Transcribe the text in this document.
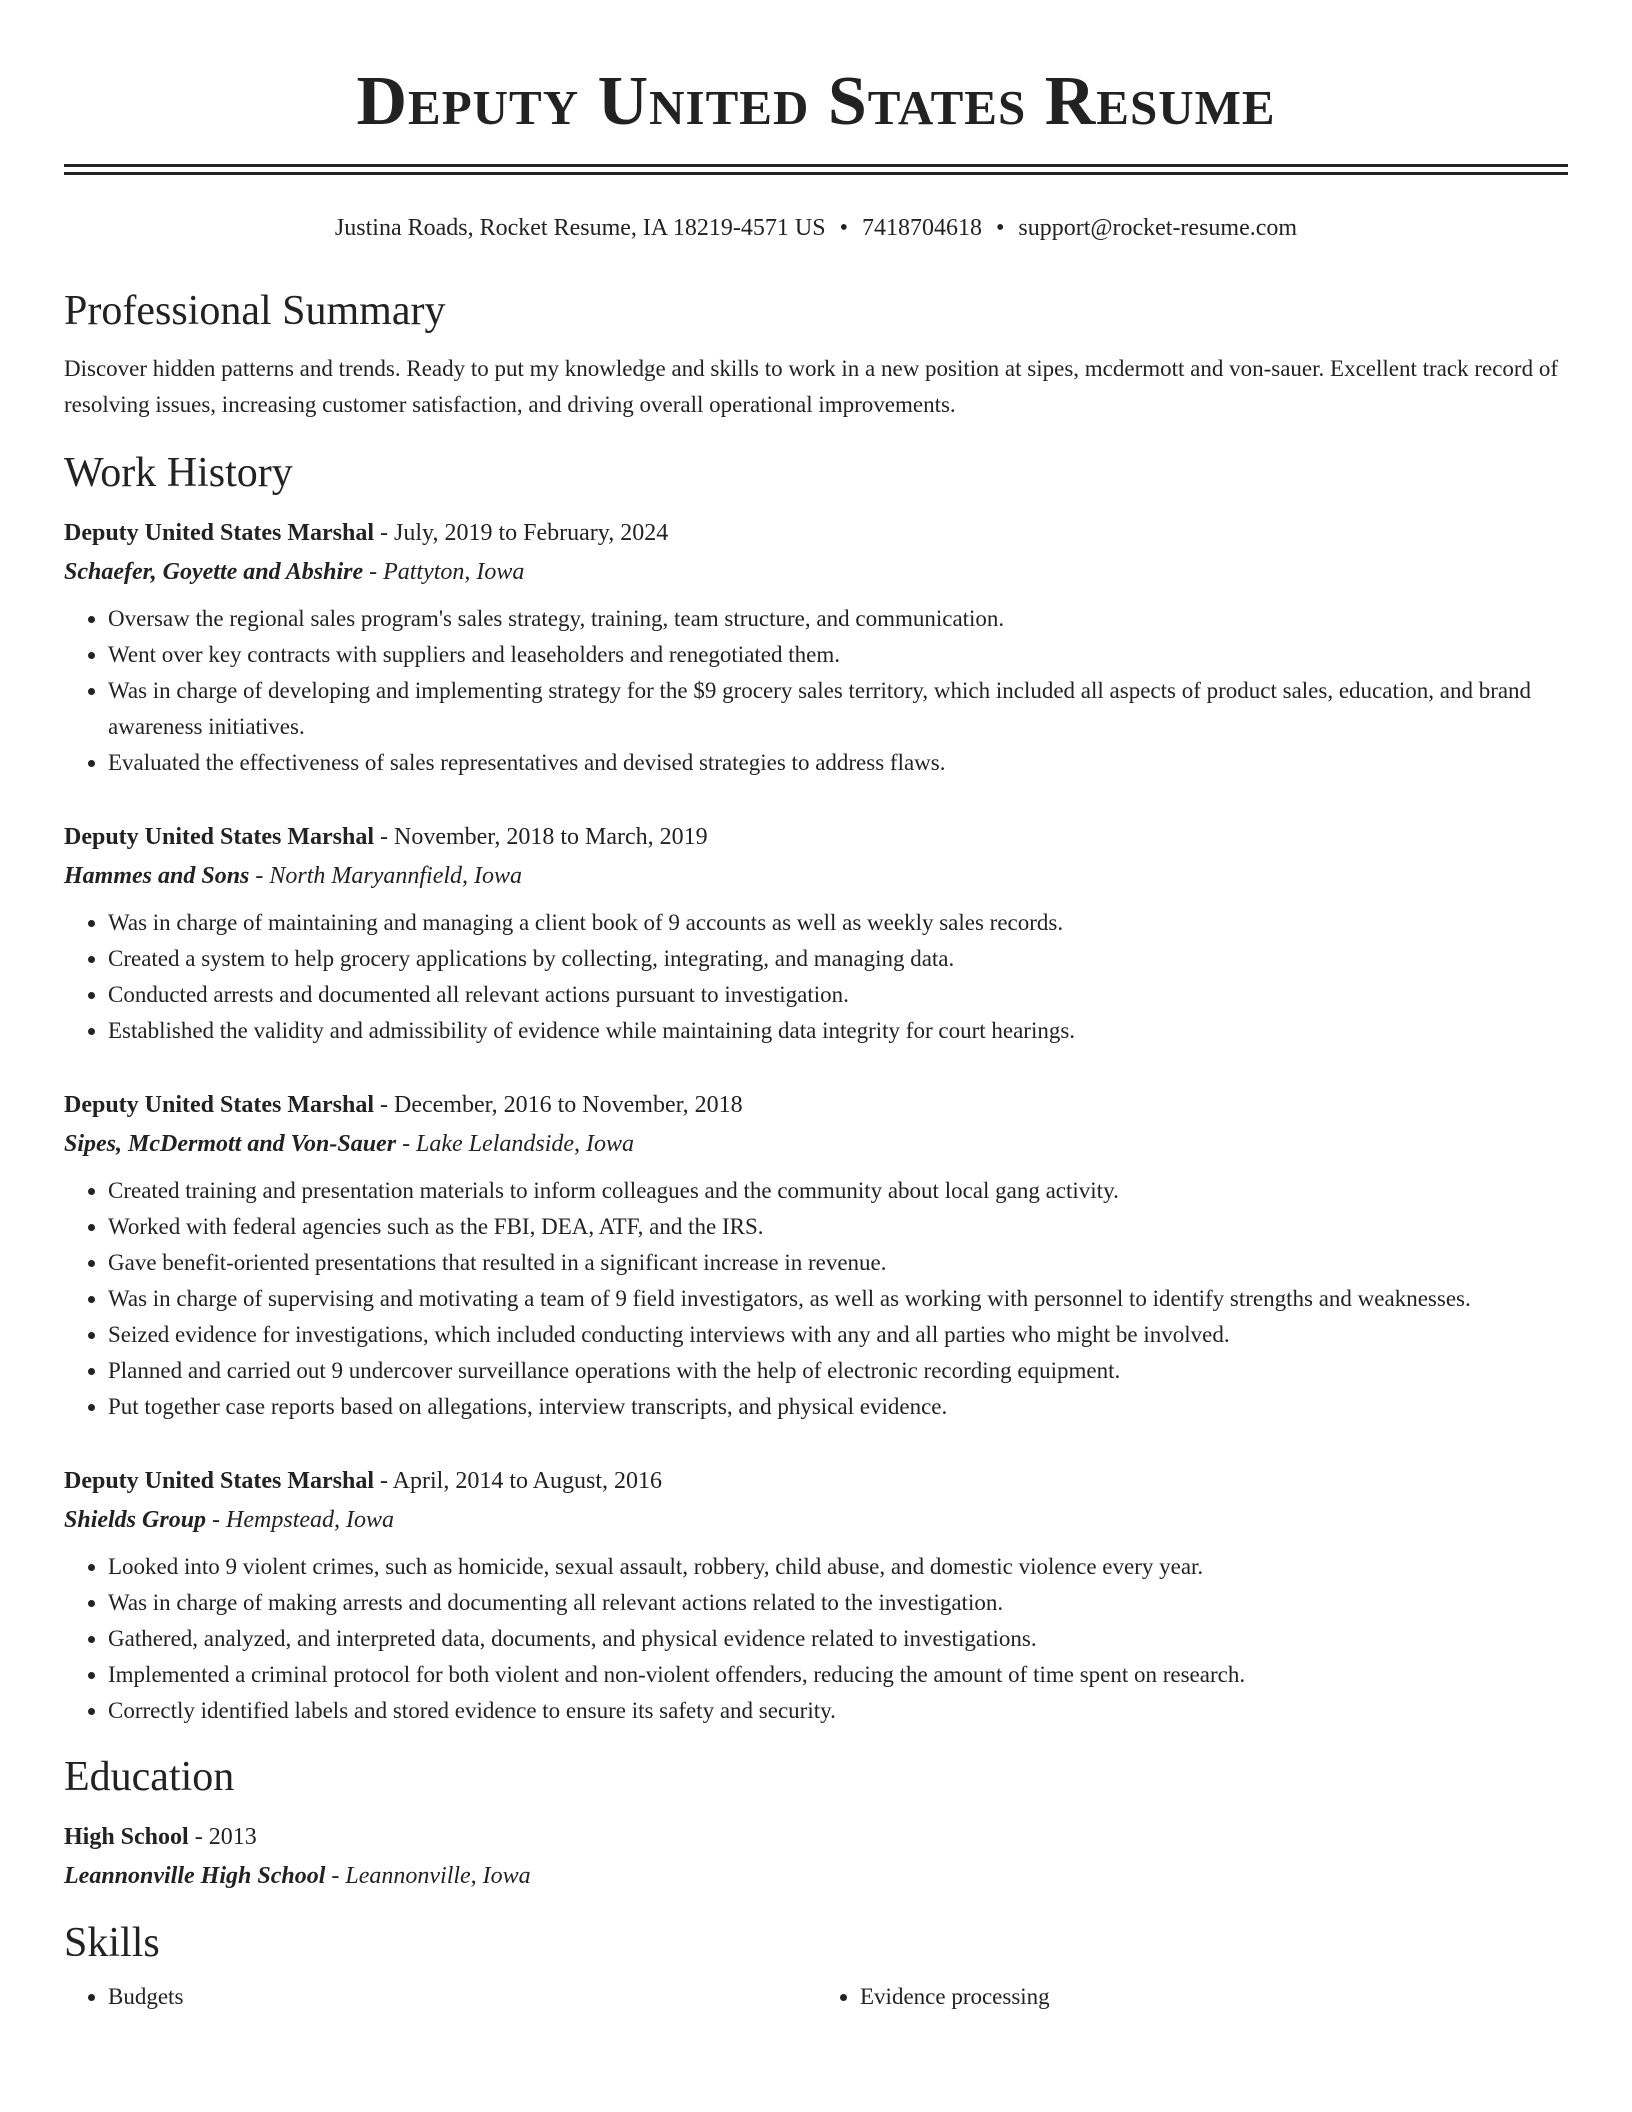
Deputy United States Resume
Justina Roads, Rocket Resume, IA 18219-4571 US • 7418704618 • support@rocket-resume.com
Professional Summary
Discover hidden patterns and trends. Ready to put my knowledge and skills to work in a new position at sipes, mcdermott and von-sauer. Excellent track record of resolving issues, increasing customer satisfaction, and driving overall operational improvements.
Work History
Deputy United States Marshal - July, 2019 to February, 2024
Schaefer, Goyette and Abshire - Pattyton, Iowa
• Oversaw the regional sales program's sales strategy, training, team structure, and communication.
• Went over key contracts with suppliers and leaseholders and renegotiated them.
• Was in charge of developing and implementing strategy for the $9 grocery sales territory, which included all aspects of product sales, education, and brand awareness initiatives.
• Evaluated the effectiveness of sales representatives and devised strategies to address flaws.
Deputy United States Marshal - November, 2018 to March, 2019
Hammes and Sons - North Maryannfield, Iowa
• Was in charge of maintaining and managing a client book of 9 accounts as well as weekly sales records.
• Created a system to help grocery applications by collecting, integrating, and managing data.
• Conducted arrests and documented all relevant actions pursuant to investigation.
• Established the validity and admissibility of evidence while maintaining data integrity for court hearings.
Deputy United States Marshal - December, 2016 to November, 2018
Sipes, McDermott and Von-Sauer - Lake Lelandside, Iowa
• Created training and presentation materials to inform colleagues and the community about local gang activity.
• Worked with federal agencies such as the FBI, DEA, ATF, and the IRS.
• Gave benefit-oriented presentations that resulted in a significant increase in revenue.
• Was in charge of supervising and motivating a team of 9 field investigators, as well as working with personnel to identify strengths and weaknesses.
• Seized evidence for investigations, which included conducting interviews with any and all parties who might be involved.
• Planned and carried out 9 undercover surveillance operations with the help of electronic recording equipment.
• Put together case reports based on allegations, interview transcripts, and physical evidence.
Deputy United States Marshal - April, 2014 to August, 2016
Shields Group - Hempstead, Iowa
• Looked into 9 violent crimes, such as homicide, sexual assault, robbery, child abuse, and domestic violence every year.
• Was in charge of making arrests and documenting all relevant actions related to the investigation.
• Gathered, analyzed, and interpreted data, documents, and physical evidence related to investigations.
• Implemented a criminal protocol for both violent and non-violent offenders, reducing the amount of time spent on research.
• Correctly identified labels and stored evidence to ensure its safety and security.
Education
High School - 2013
Leannonville High School - Leannonville, Iowa
Skills
• Budgets
•	Evidence processing
